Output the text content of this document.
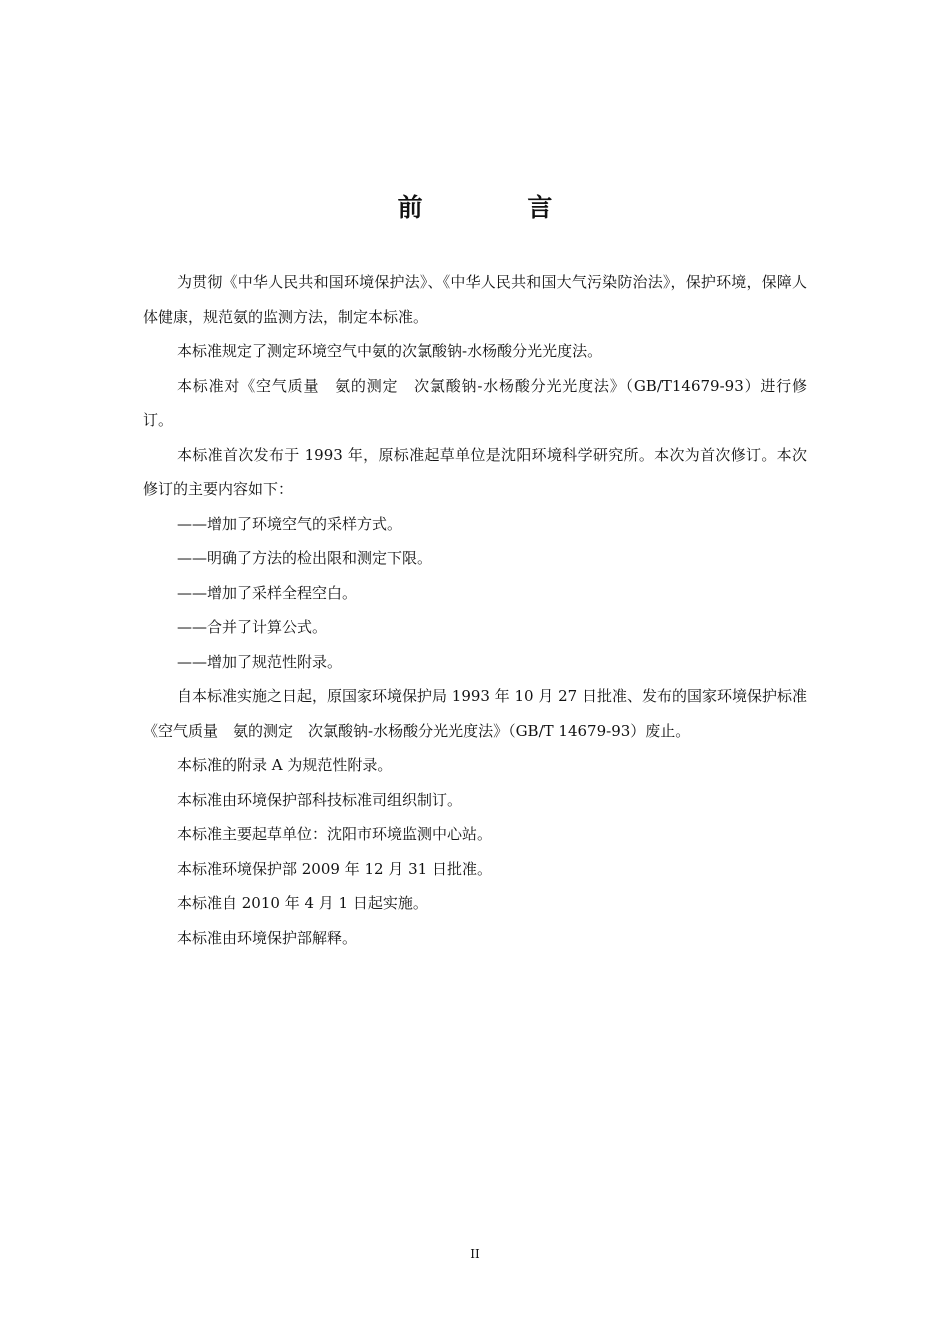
前 言

为贯彻《中华人民共和国环境保护法》、《中华人民共和国大气污染防治法》，保护环境，保障人体健康，规范氨的监测方法，制定本标准。

本标准规定了测定环境空气中氨的次氯酸钠-水杨酸分光光度法。

本标准对《空气质量　氨的测定　次氯酸钠-水杨酸分光光度法》（GB/T14679-93）进行修订。

本标准首次发布于 1993 年，原标准起草单位是沈阳环境科学研究所。本次为首次修订。本次修订的主要内容如下：

——增加了环境空气的采样方式。

——明确了方法的检出限和测定下限。

——增加了采样全程空白。

——合并了计算公式。

——增加了规范性附录。

自本标准实施之日起，原国家环境保护局 1993 年 10 月 27 日批准、发布的国家环境保护标准《空气质量　氨的测定　次氯酸钠-水杨酸分光光度法》（GB/T 14679-93）废止。

本标准的附录 A 为规范性附录。

本标准由环境保护部科技标准司组织制订。

本标准主要起草单位：沈阳市环境监测中心站。

本标准环境保护部 2009 年 12 月 31 日批准。

本标准自 2010 年 4 月 1 日起实施。

本标准由环境保护部解释。

II
